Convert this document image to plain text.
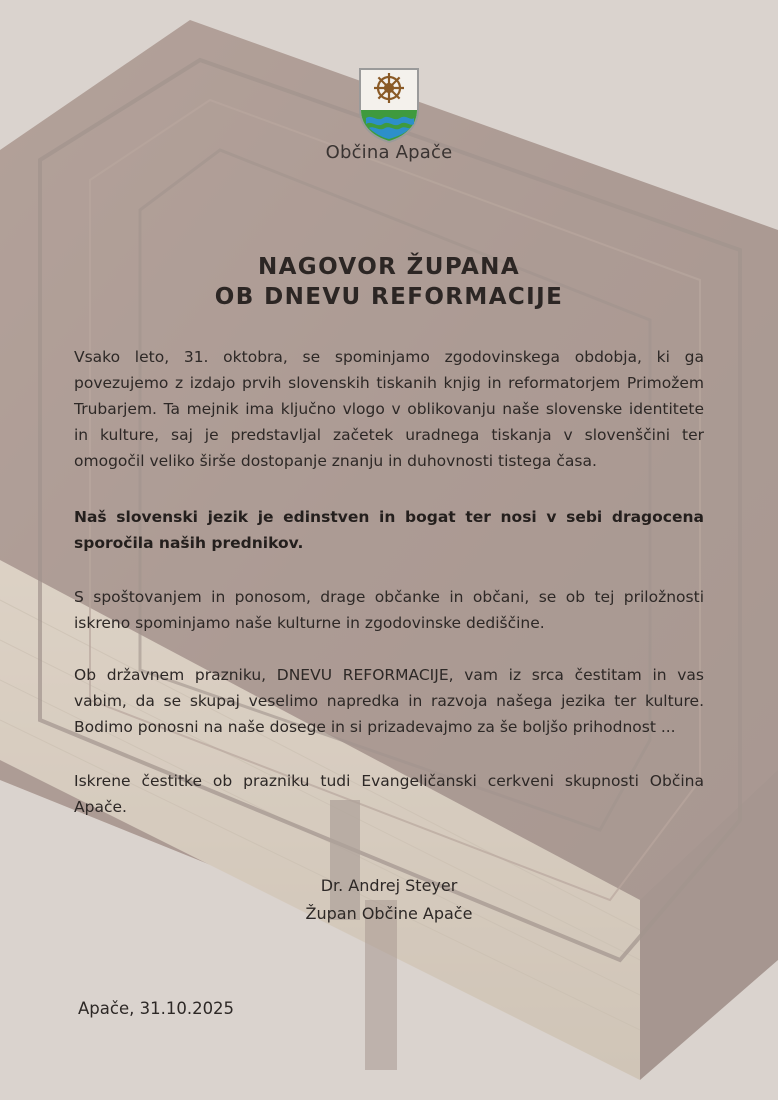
Občina Apače
NAGOVOR ŽUPANA
OB DNEVU REFORMACIJE

Vsako leto, 31. oktobra, se spominjamo zgodovinskega obdobja, ki ga povezujemo z izdajo prvih slovenskih tiskanih knjig in reformatorjem Primožem Trubarjem. Ta mejnik ima ključno vlogo v oblikovanju naše slovenske identitete in kulture, saj je predstavljal začetek uradnega tiskanja v slovenščini ter omogočil veliko širše dostopanje znanju in duhovnosti tistega časa.

Naš slovenski jezik je edinstven in bogat ter nosi v sebi dragocena sporočila naših prednikov.

S spoštovanjem in ponosom, drage občanke in občani, se ob tej priložnosti iskreno spominjamo naše kulturne in zgodovinske dediščine.

Ob državnem prazniku, DNEVU REFORMACIJE, vam iz srca čestitam in vas vabim, da se skupaj veselimo napredka in razvoja našega jezika ter kulture. Bodimo ponosni na naše dosege in si prizadevajmo za še boljšo prihodnost ...

Iskrene čestitke ob prazniku tudi Evangeličanski cerkveni skupnosti Občina Apače.

Dr. Andrej Steyer
Župan Občine Apače
Apače, 31.10.2025
